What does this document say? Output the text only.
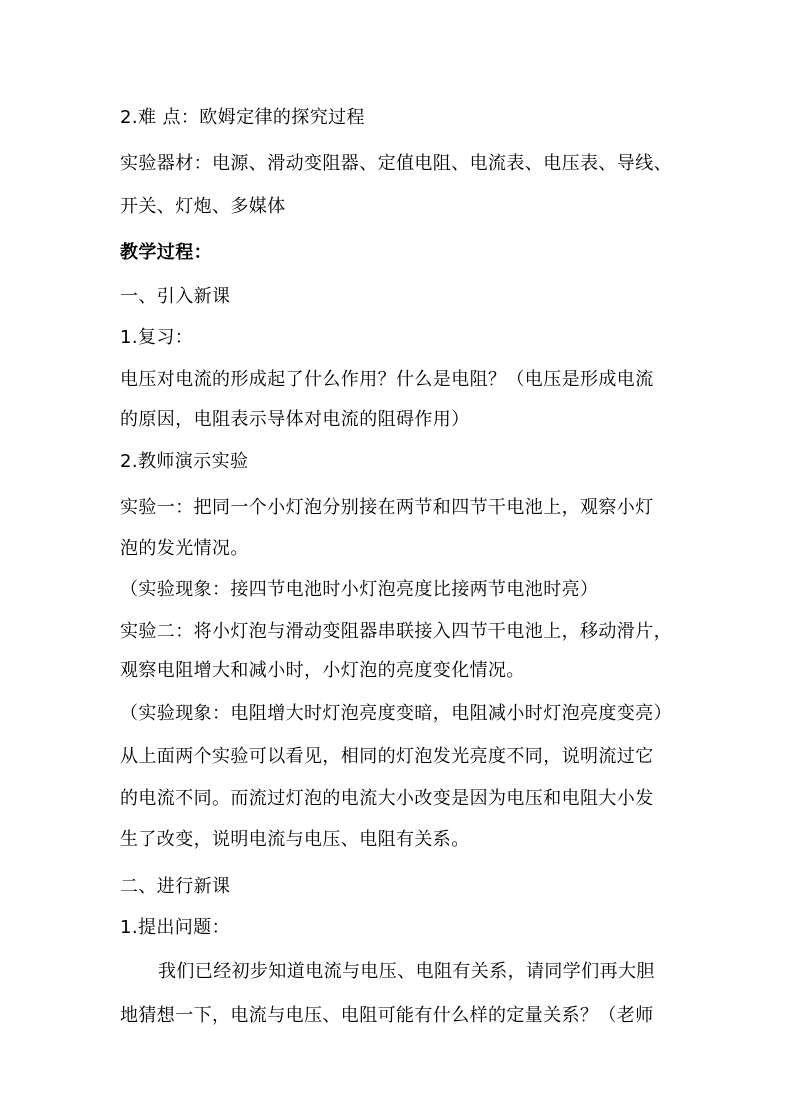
2.难 点：欧姆定律的探究过程
实验器材：电源、滑动变阻器、定值电阻、电流表、电压表、导线、
开关、灯炮、多媒体
教学过程：
一、引入新课
1.复习：
电压对电流的形成起了什么作用？什么是电阻？（电压是形成电流
的原因，电阻表示导体对电流的阻碍作用）
2.教师演示实验
实验一：把同一个小灯泡分别接在两节和四节干电池上，观察小灯
泡的发光情况。
（实验现象：接四节电池时小灯泡亮度比接两节电池时亮）
实验二：将小灯泡与滑动变阻器串联接入四节干电池上，移动滑片，
观察电阻增大和减小时，小灯泡的亮度变化情况。
（实验现象：电阻增大时灯泡亮度变暗，电阻减小时灯泡亮度变亮）
从上面两个实验可以看见，相同的灯泡发光亮度不同，说明流过它
的电流不同。而流过灯泡的电流大小改变是因为电压和电阻大小发
生了改变，说明电流与电压、电阻有关系。
二、进行新课
1.提出问题：
我们已经初步知道电流与电压、电阻有关系，请同学们再大胆
地猜想一下，电流与电压、电阻可能有什么样的定量关系？（老师
